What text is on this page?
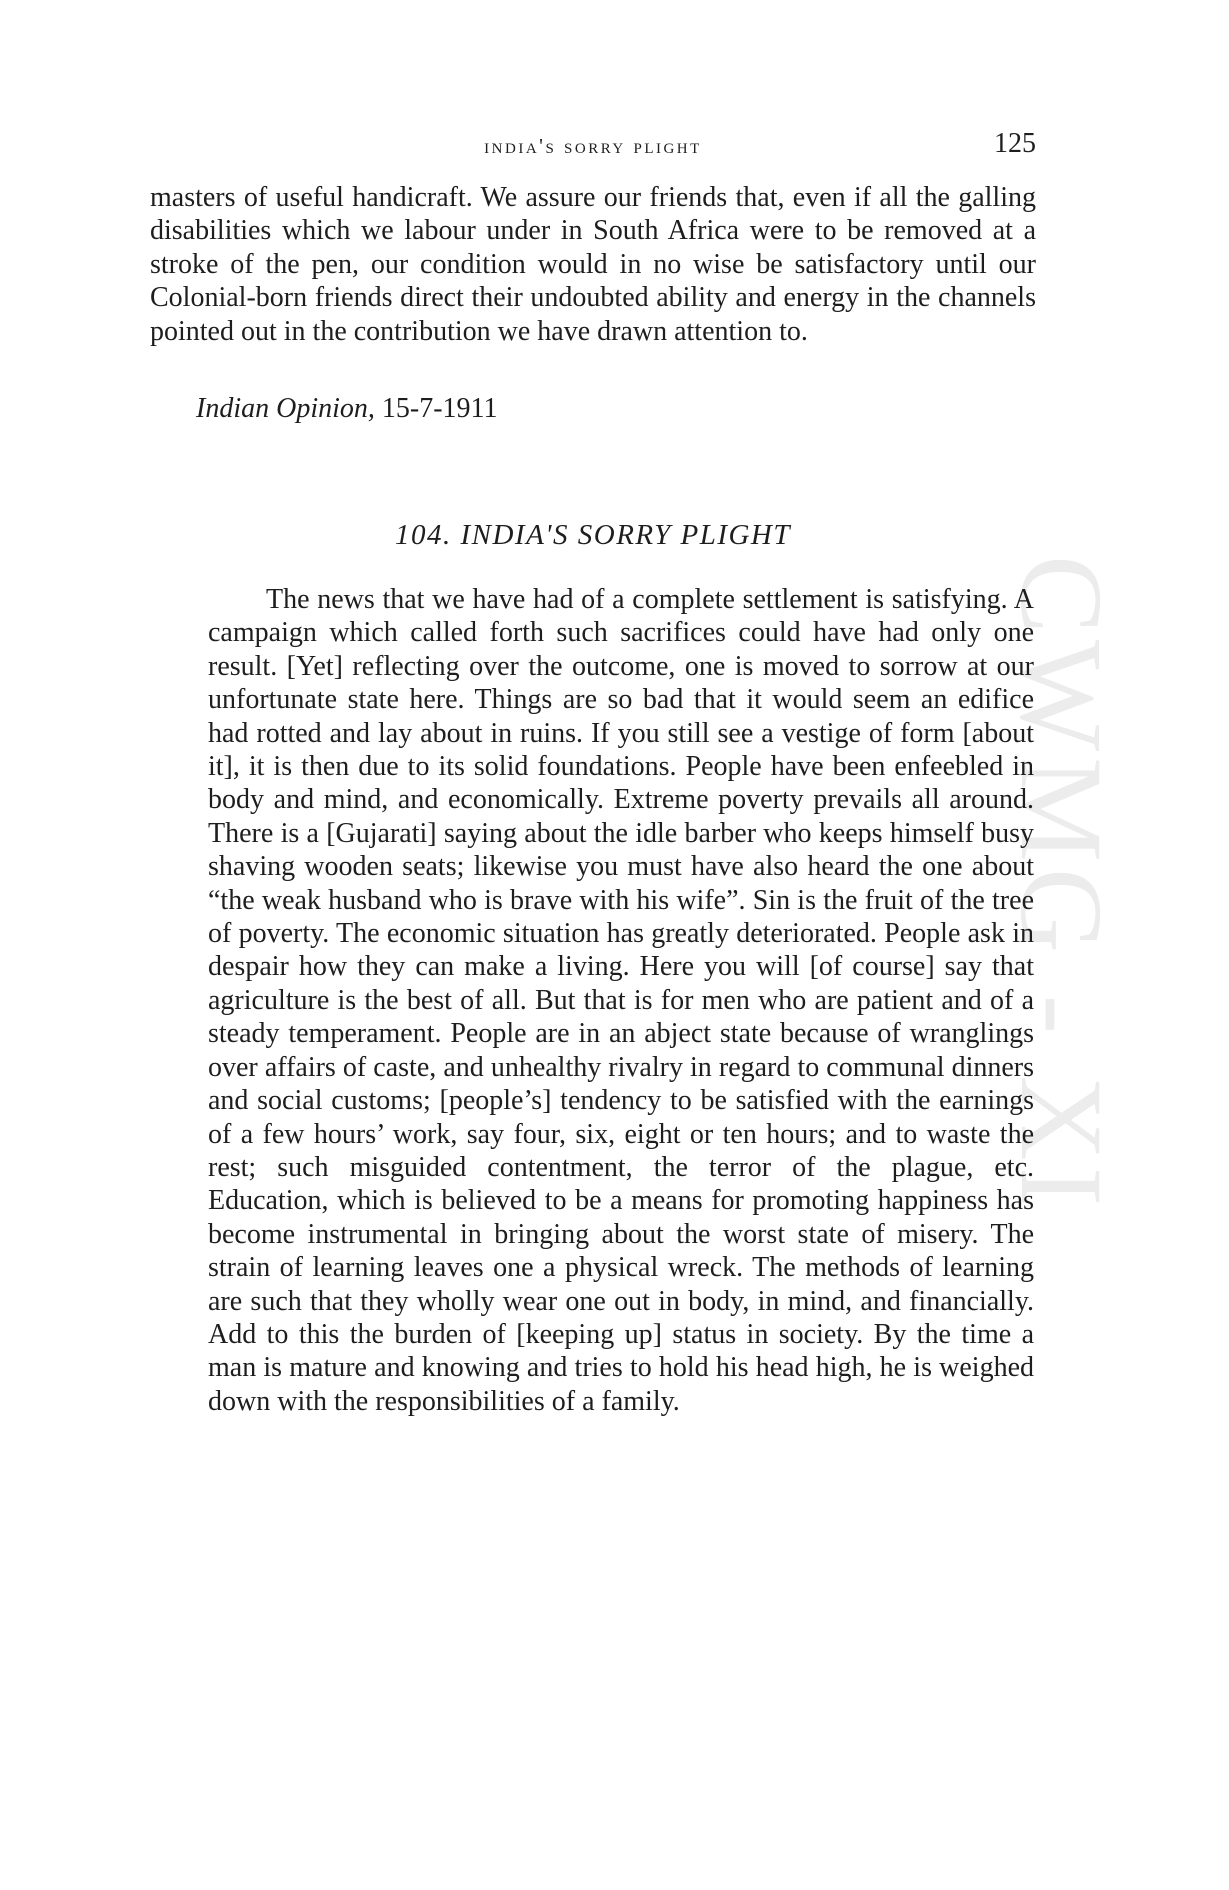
CWMG - XI
india's sorry plight	125

masters of useful handicraft. We assure our friends that, even if all the galling disabilities which we labour under in South Africa were to be removed at a stroke of the pen, our condition would in no wise be satisfactory until our Colonial-born friends direct their undoubted ability and energy in the channels pointed out in the contribution we have drawn attention to.

Indian Opinion, 15-7-1911

104. INDIA'S SORRY PLIGHT

The news that we have had of a complete settlement is satisfying. A campaign which called forth such sacrifices could have had only one result. [Yet] reflecting over the outcome, one is moved to sorrow at our unfortunate state here. Things are so bad that it would seem an edifice had rotted and lay about in ruins. If you still see a vestige of form [about it], it is then due to its solid foundations. People have been enfeebled in body and mind, and economically. Extreme poverty prevails all around. There is a [Gujarati] saying about the idle barber who keeps himself busy shaving wooden seats; likewise you must have also heard the one about “the weak husband who is brave with his wife”. Sin is the fruit of the tree of poverty. The economic situation has greatly deteriorated. People ask in despair how they can make a living. Here you will [of course] say that agriculture is the best of all. But that is for men who are patient and of a steady temperament. People are in an abject state because of wranglings over affairs of caste, and unhealthy rivalry in regard to communal dinners and social customs; [people’s] tendency to be satisfied with the earnings of a few hours’ work, say four, six, eight or ten hours; and to waste the rest; such misguided contentment, the terror of the plague, etc. Education, which is believed to be a means for promoting happiness has become instrumental in bringing about the worst state of misery. The strain of learning leaves one a physical wreck. The methods of learning are such that they wholly wear one out in body, in mind, and financially. Add to this the burden of [keeping up] status in society. By the time a man is mature and knowing and tries to hold his head high, he is weighed down with the responsibilities of a family.
